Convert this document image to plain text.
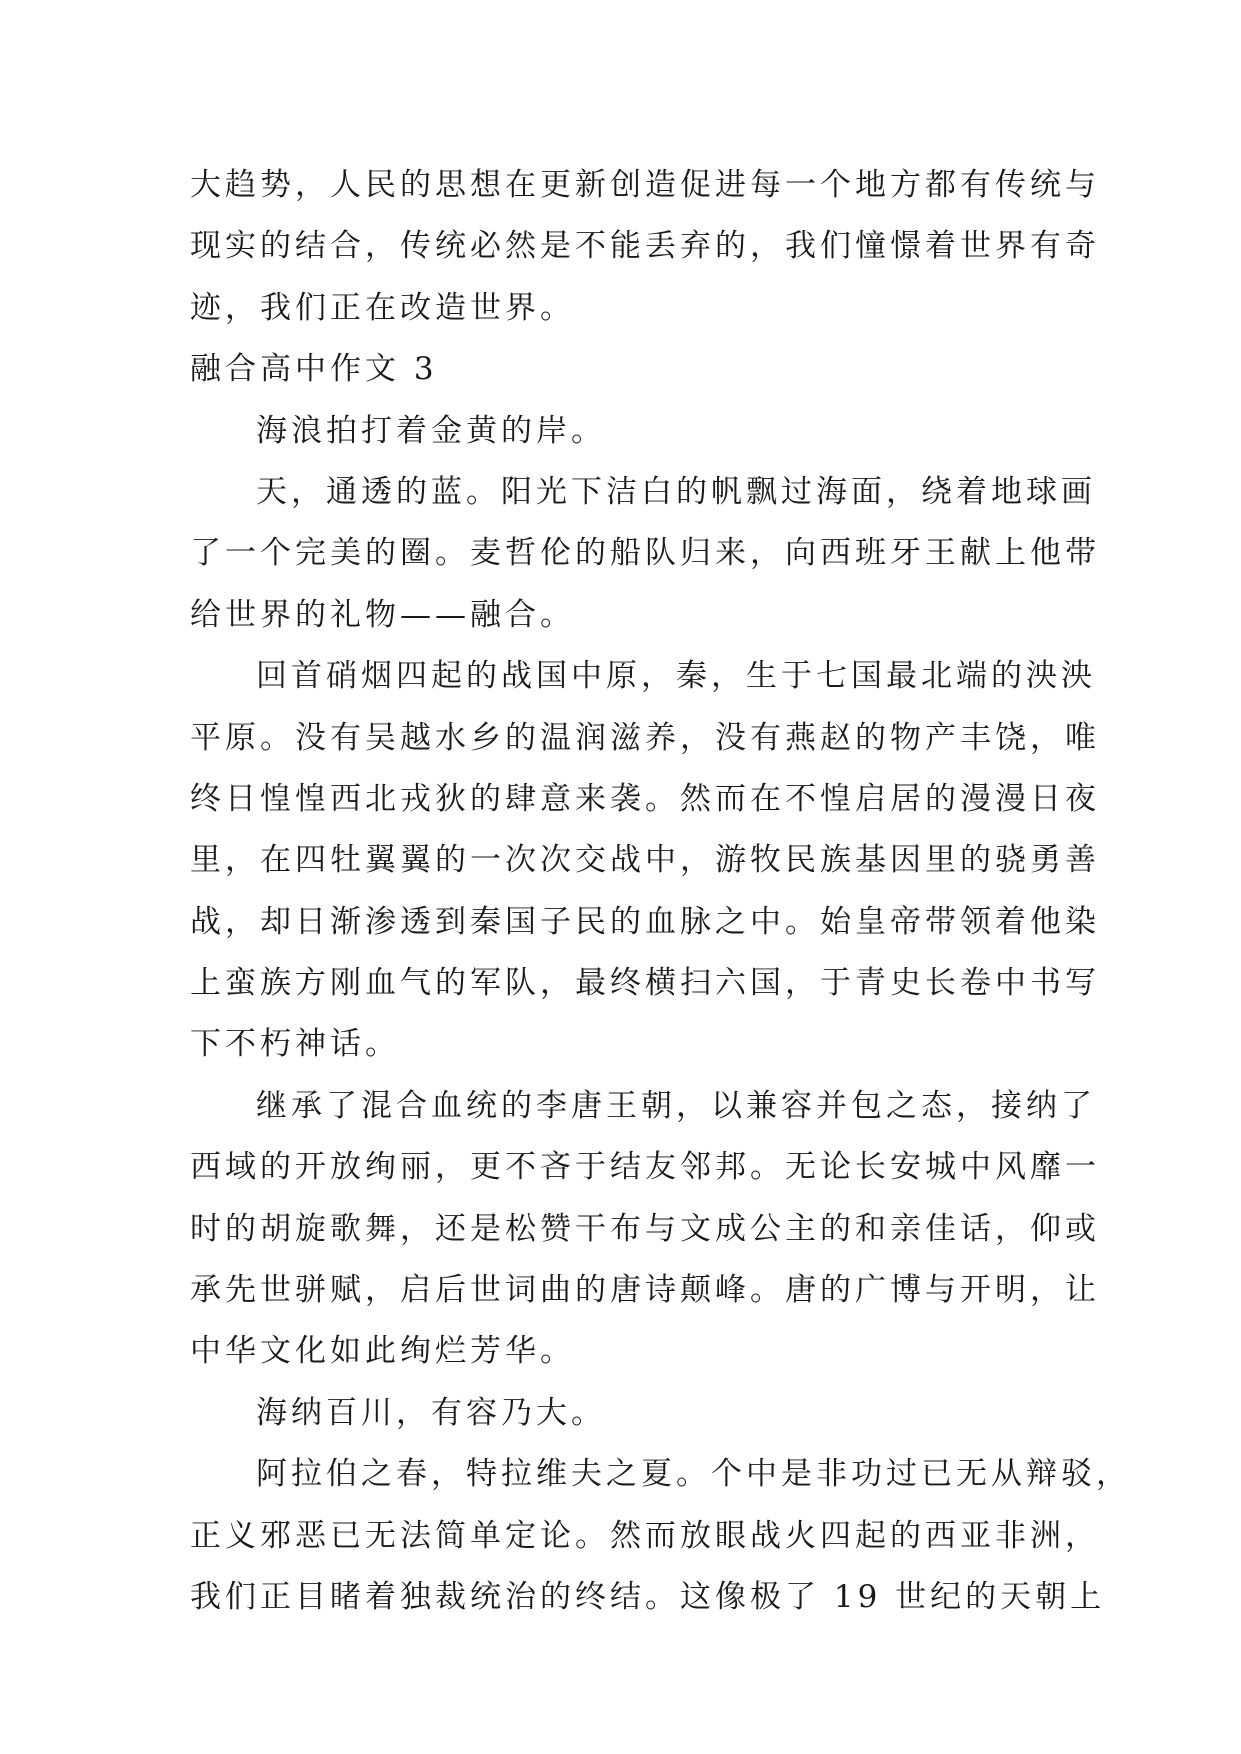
大趋势，人民的思想在更新创造促进每一个地方都有传统与
现实的结合，传统必然是不能丢弃的，我们憧憬着世界有奇
迹，我们正在改造世界。
融合高中作文 3
海浪拍打着金黄的岸。
天，通透的蓝。阳光下洁白的帆飘过海面，绕着地球画
了一个完美的圈。麦哲伦的船队归来，向西班牙王献上他带
给世界的礼物——融合。
回首硝烟四起的战国中原，秦，生于七国最北端的泱泱
平原。没有吴越水乡的温润滋养，没有燕赵的物产丰饶，唯
终日惶惶西北戎狄的肆意来袭。然而在不惶启居的漫漫日夜
里，在四牡翼翼的一次次交战中，游牧民族基因里的骁勇善
战，却日渐渗透到秦国子民的血脉之中。始皇帝带领着他染
上蛮族方刚血气的军队，最终横扫六国，于青史长卷中书写
下不朽神话。
继承了混合血统的李唐王朝，以兼容并包之态，接纳了
西域的开放绚丽，更不吝于结友邻邦。无论长安城中风靡一
时的胡旋歌舞，还是松赞干布与文成公主的和亲佳话，仰或
承先世骈赋，启后世词曲的唐诗颠峰。唐的广博与开明，让
中华文化如此绚烂芳华。
海纳百川，有容乃大。
阿拉伯之春，特拉维夫之夏。个中是非功过已无从辩驳，
正义邪恶已无法简单定论。然而放眼战火四起的西亚非洲，
我们正目睹着独裁统治的终结。这像极了 19 世纪的天朝上
